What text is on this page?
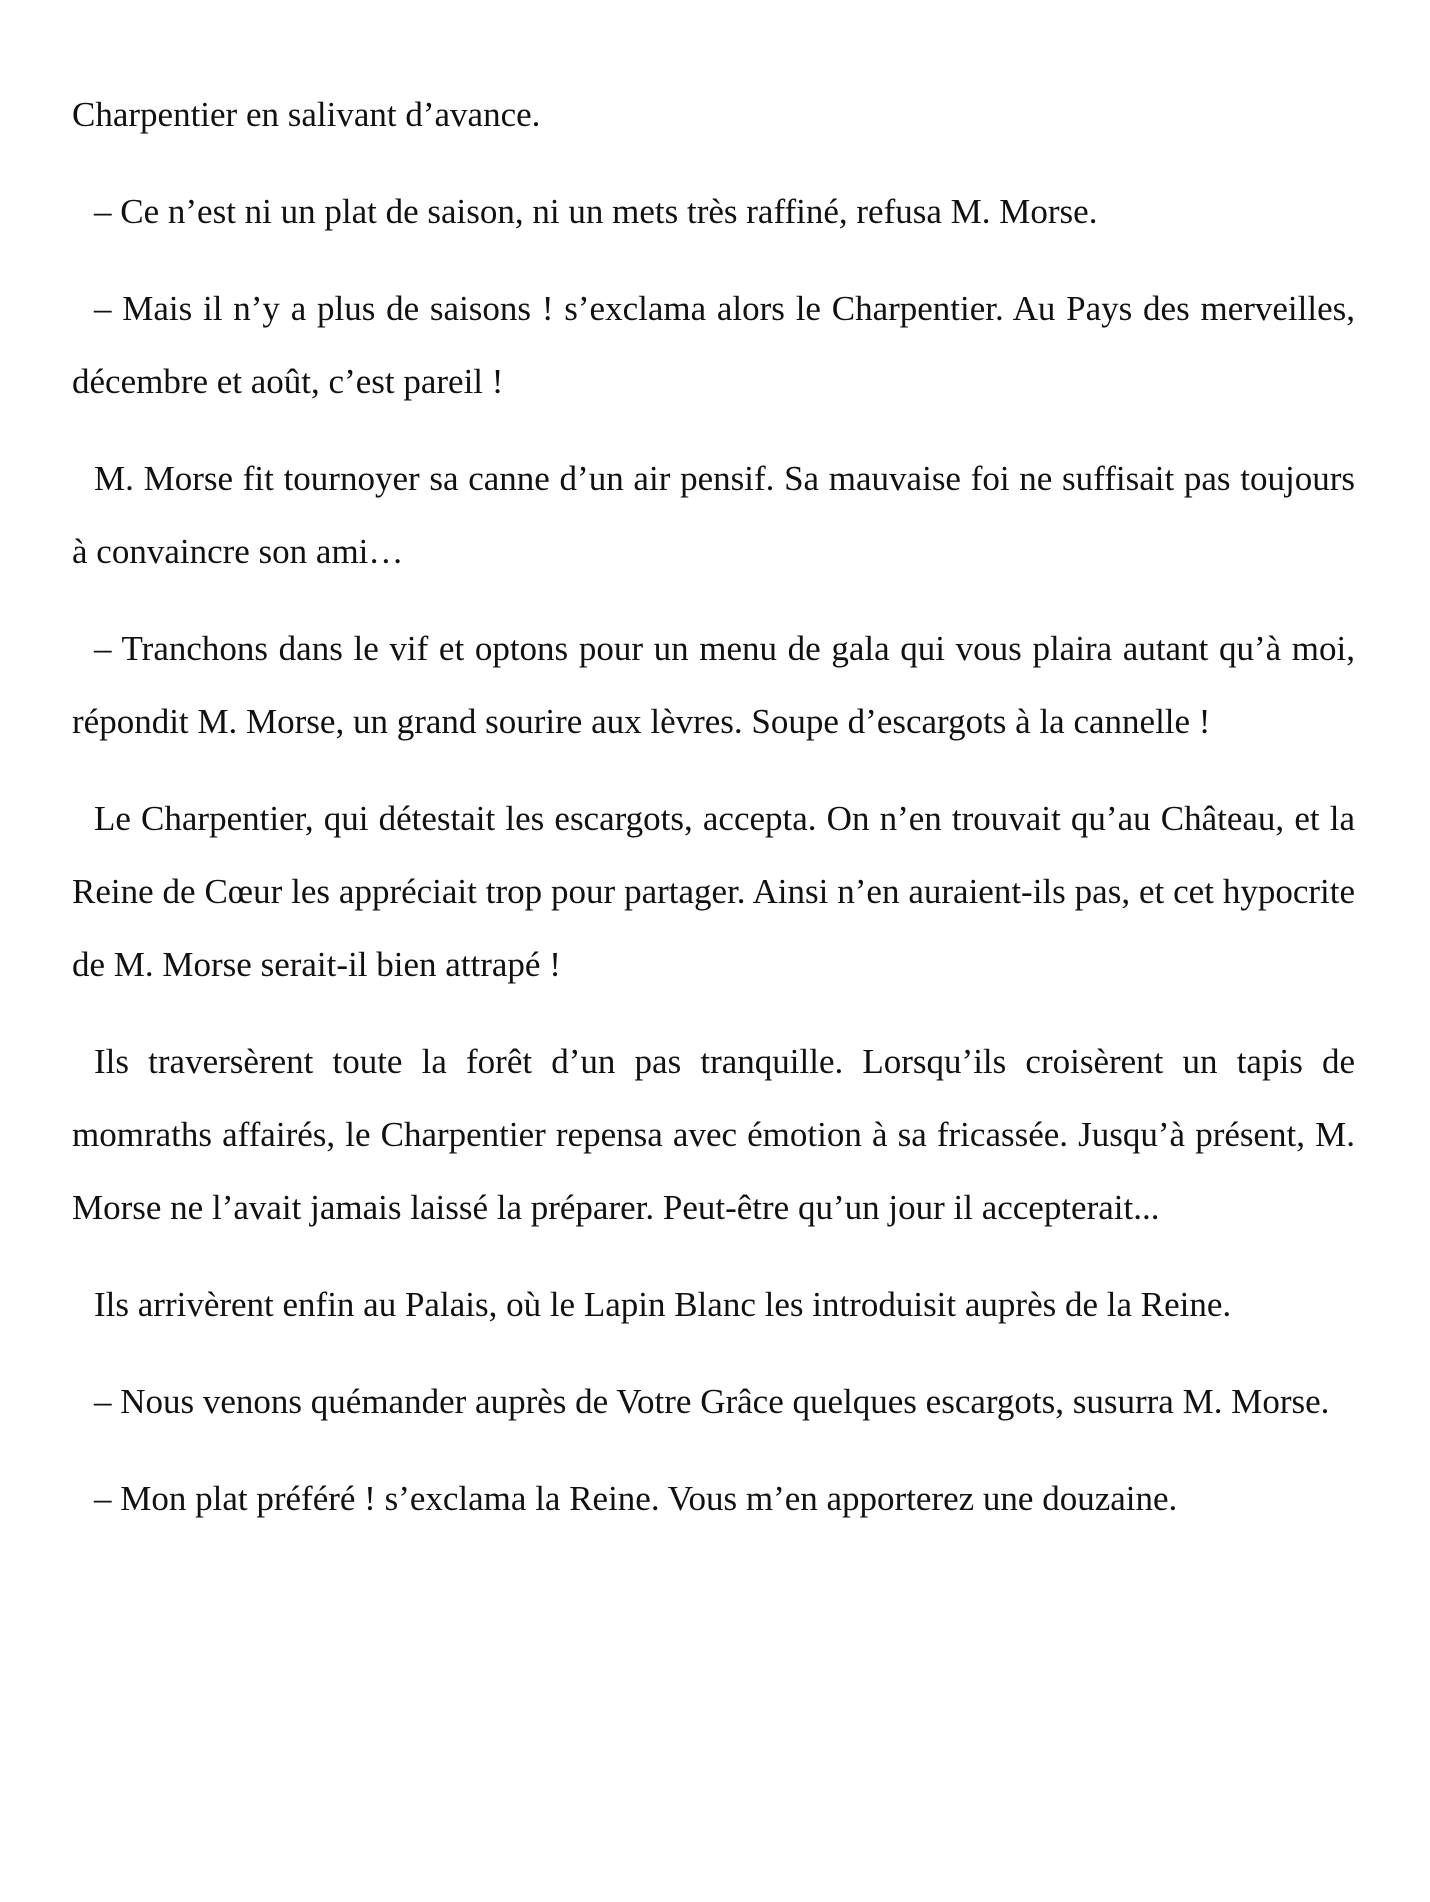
Charpentier en salivant d’avance.

– Ce n’est ni un plat de saison, ni un mets très raffiné, refusa M. Morse.

– Mais il n’y a plus de saisons ! s’exclama alors le Charpentier. Au Pays des merveilles, décembre et août, c’est pareil !

M. Morse fit tournoyer sa canne d’un air pensif. Sa mauvaise foi ne suffisait pas toujours à convaincre son ami…

– Tranchons dans le vif et optons pour un menu de gala qui vous plaira autant qu’à moi, répondit M. Morse, un grand sourire aux lèvres. Soupe d’escargots à la cannelle !

Le Charpentier, qui détestait les escargots, accepta. On n’en trouvait qu’au Château, et la Reine de Cœur les appréciait trop pour partager. Ainsi n’en auraient-ils pas, et cet hypocrite de M. Morse serait-il bien attrapé !

Ils traversèrent toute la forêt d’un pas tranquille. Lorsqu’ils croisèrent un tapis de momraths affairés, le Charpentier repensa avec émotion à sa fricassée. Jusqu’à présent, M. Morse ne l’avait jamais laissé la préparer. Peut-être qu’un jour il accepterait...

Ils arrivèrent enfin au Palais, où le Lapin Blanc les introduisit auprès de la Reine.

– Nous venons quémander auprès de Votre Grâce quelques escargots, susurra M. Morse.

– Mon plat préféré ! s’exclama la Reine. Vous m’en apporterez une douzaine.
